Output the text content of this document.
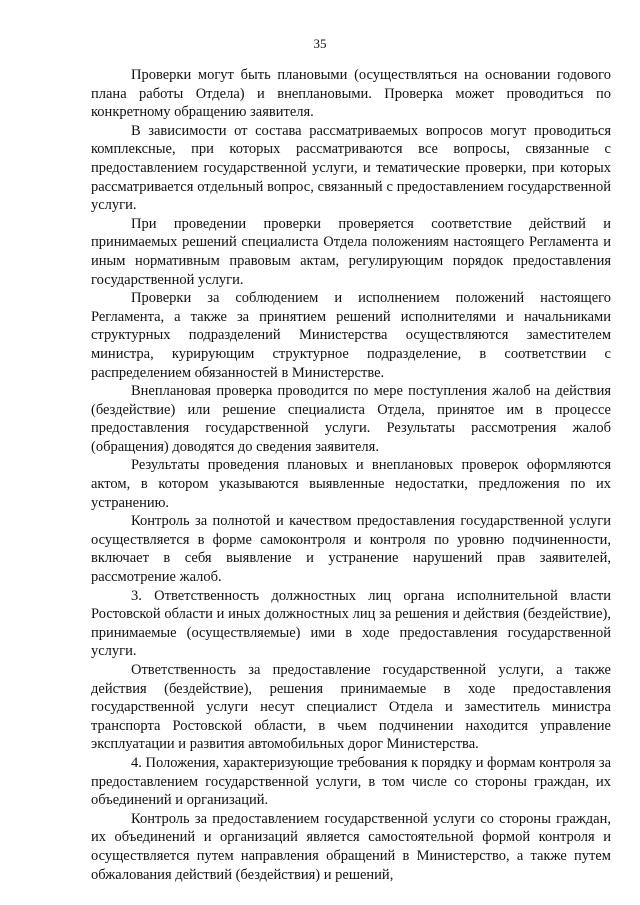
35

Проверки могут быть плановыми (осуществляться на основании годового плана работы Отдела) и внеплановыми. Проверка может проводиться по конкретному обращению заявителя.

В зависимости от состава рассматриваемых вопросов могут проводиться комплексные, при которых рассматриваются все вопросы, связанные с предоставлением государственной услуги, и тематические проверки, при которых рассматривается отдельный вопрос, связанный с предоставлением государственной услуги.

При проведении проверки проверяется соответствие действий и принимаемых решений специалиста Отдела положениям настоящего Регламента и иным нормативным правовым актам, регулирующим порядок предоставления государственной услуги.

Проверки за соблюдением и исполнением положений настоящего Регламента, а также за принятием решений исполнителями и начальниками структурных подразделений Министерства осуществляются заместителем министра, курирующим структурное подразделение, в соответствии с распределением обязанностей в Министерстве.

Внеплановая проверка проводится по мере поступления жалоб на действия (бездействие) или решение специалиста Отдела, принятое им в процессе предоставления государственной услуги. Результаты рассмотрения жалоб (обращения) доводятся до сведения заявителя.

Результаты проведения плановых и внеплановых проверок оформляются актом, в котором указываются выявленные недостатки, предложения по их устранению.

Контроль за полнотой и качеством предоставления государственной услуги осуществляется в форме самоконтроля и контроля по уровню подчиненности, включает в себя выявление и устранение нарушений прав заявителей, рассмотрение жалоб.

3. Ответственность должностных лиц органа исполнительной власти Ростовской области и иных должностных лиц за решения и действия (бездействие), принимаемые (осуществляемые) ими в ходе предоставления государственной услуги.

Ответственность за предоставление государственной услуги, а также действия (бездействие), решения принимаемые в ходе предоставления государственной услуги несут специалист Отдела и заместитель министра транспорта Ростовской области, в чьем подчинении находится управление эксплуатации и развития автомобильных дорог Министерства.

4. Положения, характеризующие требования к порядку и формам контроля за предоставлением государственной услуги, в том числе со стороны граждан, их объединений и организаций.

Контроль за предоставлением государственной услуги со стороны граждан, их объединений и организаций является самостоятельной формой контроля и осуществляется путем направления обращений в Министерство, а также путем обжалования действий (бездействия) и решений,
